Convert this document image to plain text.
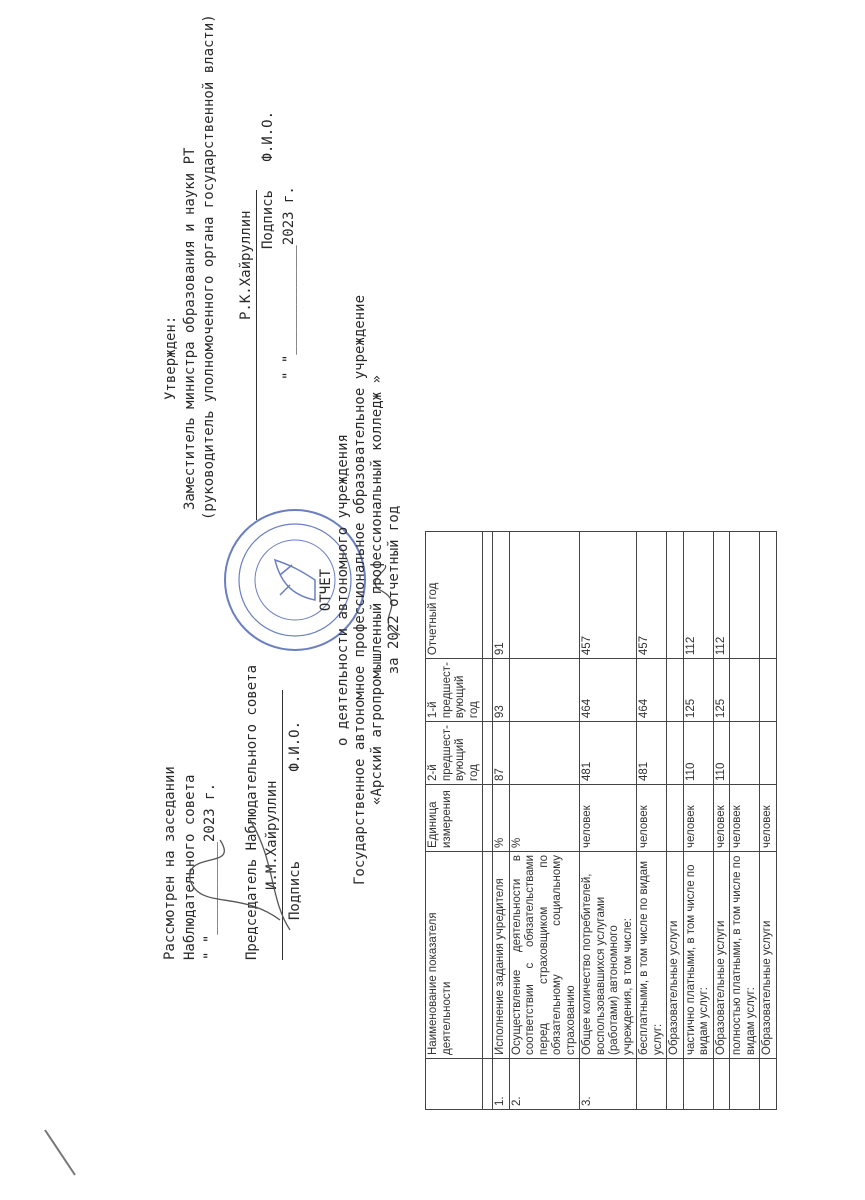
Рассмотрен на заседании Наблюдательного совета " "___________2023 г. Председатель Наблюдательного совета И.М.Хайруллин
Подпись Ф.И.О.
Утвержден: Заместитель министра образования и науки РТ (руководитель уполномоченного органа государственной власти) Р.К.Хайруллин Подпись Ф.И.О.
" "_____________2023 г.
ОТЧЕТ о деятельности автономного учреждения Государственное автономное профессиональное образовательное учреждение «Арский агропромышленный профессиональный колледж » за 2022 отчетный год
	Наименование показателя деятельности	Единица измерения	2-й предшест-вующий год	1-й предшест-вующий год	Отчетный год

1.	Исполнение задания учредителя	%	87	93	91
2.	Осуществление деятельности в соответствии с обязательствами перед страховщиком по обязательному социальному страхованию	%			
3.	Общее количество потребителей, воспользовавшихся услугами (работами) автономного учреждения, в том числе:	человек	481	464	457
	бесплатными, в том числе по видам услуг:	человек	481	464	457
	Образовательные услуги				
	частично платными, в том числе по видам услуг:	человек	110	125	112
	Образовательные услуги	человек	110	125	112
	полностью платными, в том числе по видам услуг:	человек			
	Образовательные услуги	человек			
